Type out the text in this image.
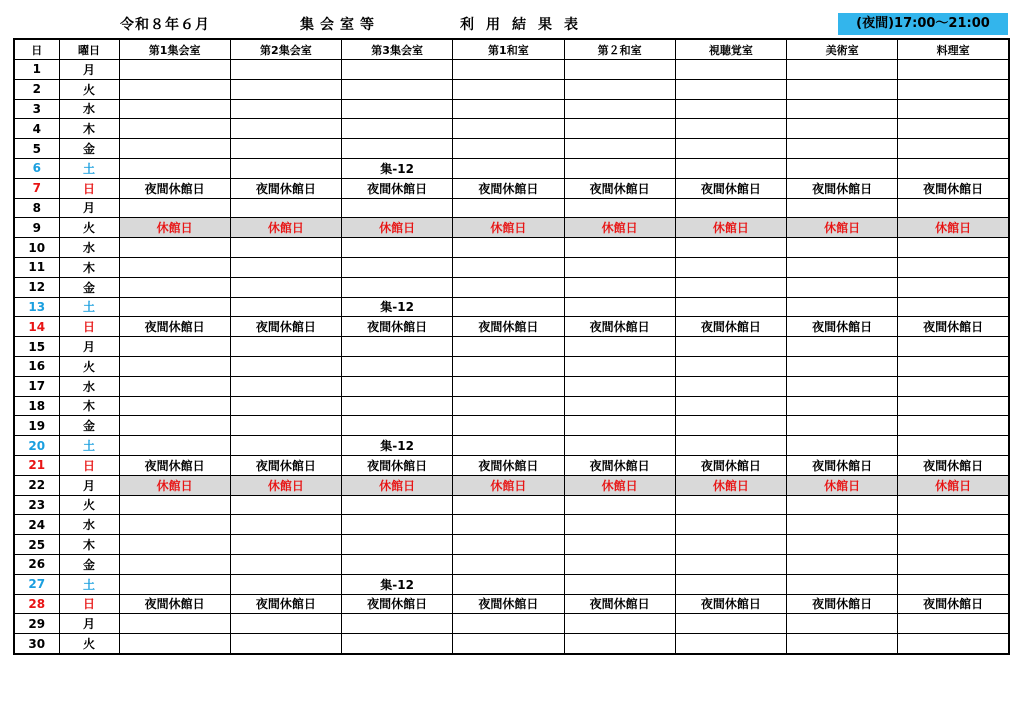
令和８年６月	集会室等	利用結果表	(夜間)17:00～21:00
日	曜日	第1集会室	第2集会室	第3集会室	第1和室	第２和室	視聴覚室	美術室	料理室
1	月								
2	火								
3	水								
4	木								
5	金								
6	土			集-12					
7	日	夜間休館日	夜間休館日	夜間休館日	夜間休館日	夜間休館日	夜間休館日	夜間休館日	夜間休館日
8	月								
9	火	休館日	休館日	休館日	休館日	休館日	休館日	休館日	休館日
10	水								
11	木								
12	金								
13	土			集-12					
14	日	夜間休館日	夜間休館日	夜間休館日	夜間休館日	夜間休館日	夜間休館日	夜間休館日	夜間休館日
15	月								
16	火								
17	水								
18	木								
19	金								
20	土			集-12					
21	日	夜間休館日	夜間休館日	夜間休館日	夜間休館日	夜間休館日	夜間休館日	夜間休館日	夜間休館日
22	月	休館日	休館日	休館日	休館日	休館日	休館日	休館日	休館日
23	火								
24	水								
25	木								
26	金								
27	土			集-12					
28	日	夜間休館日	夜間休館日	夜間休館日	夜間休館日	夜間休館日	夜間休館日	夜間休館日	夜間休館日
29	月								
30	火								
